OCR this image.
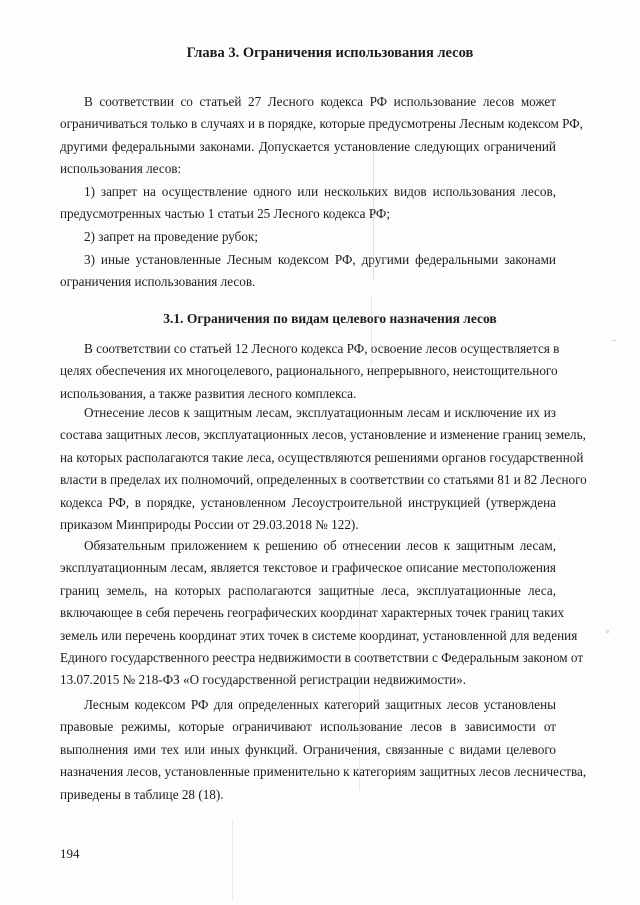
Глава 3. Ограничения использования лесов
В соответствии со статьей 27 Лесного кодекса РФ использование лесов может
ограничиваться только в случаях и в порядке, которые предусмотрены Лесным кодексом РФ,
другими федеральными законами. Допускается установление следующих ограничений
использования лесов:
1) запрет на осуществление одного или нескольких видов использования лесов,
предусмотренных частью 1 статьи 25 Лесного кодекса РФ;
2) запрет на проведение рубок;
3) иные установленные Лесным кодексом РФ, другими федеральными законами
ограничения использования лесов.
3.1. Ограничения по видам целевого назначения лесов
В соответствии со статьей 12 Лесного кодекса РФ, освоение лесов осуществляется в
целях обеспечения их многоцелевого, рационального, непрерывного, неистощительного
использования, а также развития лесного комплекса.
Отнесение лесов к защитным лесам, эксплуатационным лесам и исключение их из
состава защитных лесов, эксплуатационных лесов, установление и изменение границ земель,
на которых располагаются такие леса, осуществляются решениями органов государственной
власти в пределах их полномочий, определенных в соответствии со статьями 81 и 82 Лесного
кодекса РФ, в порядке, установленном Лесоустроительной инструкцией (утверждена
приказом Минприроды России от 29.03.2018 № 122).
Обязательным приложением к решению об отнесении лесов к защитным лесам,
эксплуатационным лесам, является текстовое и графическое описание местоположения
границ земель, на которых располагаются защитные леса, эксплуатационные леса,
включающее в себя перечень географических координат характерных точек границ таких
земель или перечень координат этих точек в системе координат, установленной для ведения
Единого государственного реестра недвижимости в соответствии с Федеральным законом от
13.07.2015 № 218-ФЗ «О государственной регистрации недвижимости».
Лесным кодексом РФ для определенных категорий защитных лесов установлены
правовые режимы, которые ограничивают использование лесов в зависимости от
выполнения ими тех или иных функций. Ограничения, связанные с видами целевого
назначения лесов, установленные применительно к категориям защитных лесов лесничества,
приведены в таблице 28 (18).
194
